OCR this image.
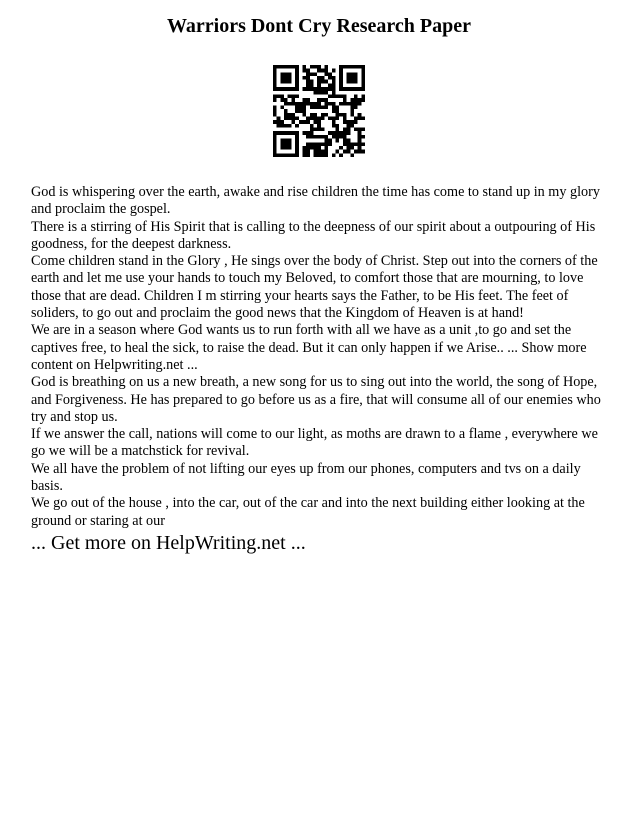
Warriors Dont Cry Research Paper

God is whispering over the earth, awake and rise children the time has come to stand up in my glory and proclaim the gospel.

There is a stirring of His Spirit that is calling to the deepness of our spirit about a outpouring of His goodness, for the deepest darkness.

Come children stand in the Glory , He sings over the body of Christ. Step out into the corners of the earth and let me use your hands to touch my Beloved, to comfort those that are mourning, to love those that are dead. Children I m stirring your hearts says the Father, to be His feet. The feet of soliders, to go out and proclaim the good news that the Kingdom of Heaven is at hand!

We are in a season where God wants us to run forth with all we have as a unit ,to go and set the captives free, to heal the sick, to raise the dead. But it can only happen if we Arise.. ... Show more content on Helpwriting.net ...

God is breathing on us a new breath, a new song for us to sing out into the world, the song of Hope, and Forgiveness. He has prepared to go before us as a fire, that will consume all of our enemies who try and stop us.

If we answer the call, nations will come to our light, as moths are drawn to a flame , everywhere we go we will be a matchstick for revival.

We all have the problem of not lifting our eyes up from our phones, computers and tvs on a daily basis.

We go out of the house , into the car, out of the car and into the next building either looking at the ground or staring at our

... Get more on HelpWriting.net ...
